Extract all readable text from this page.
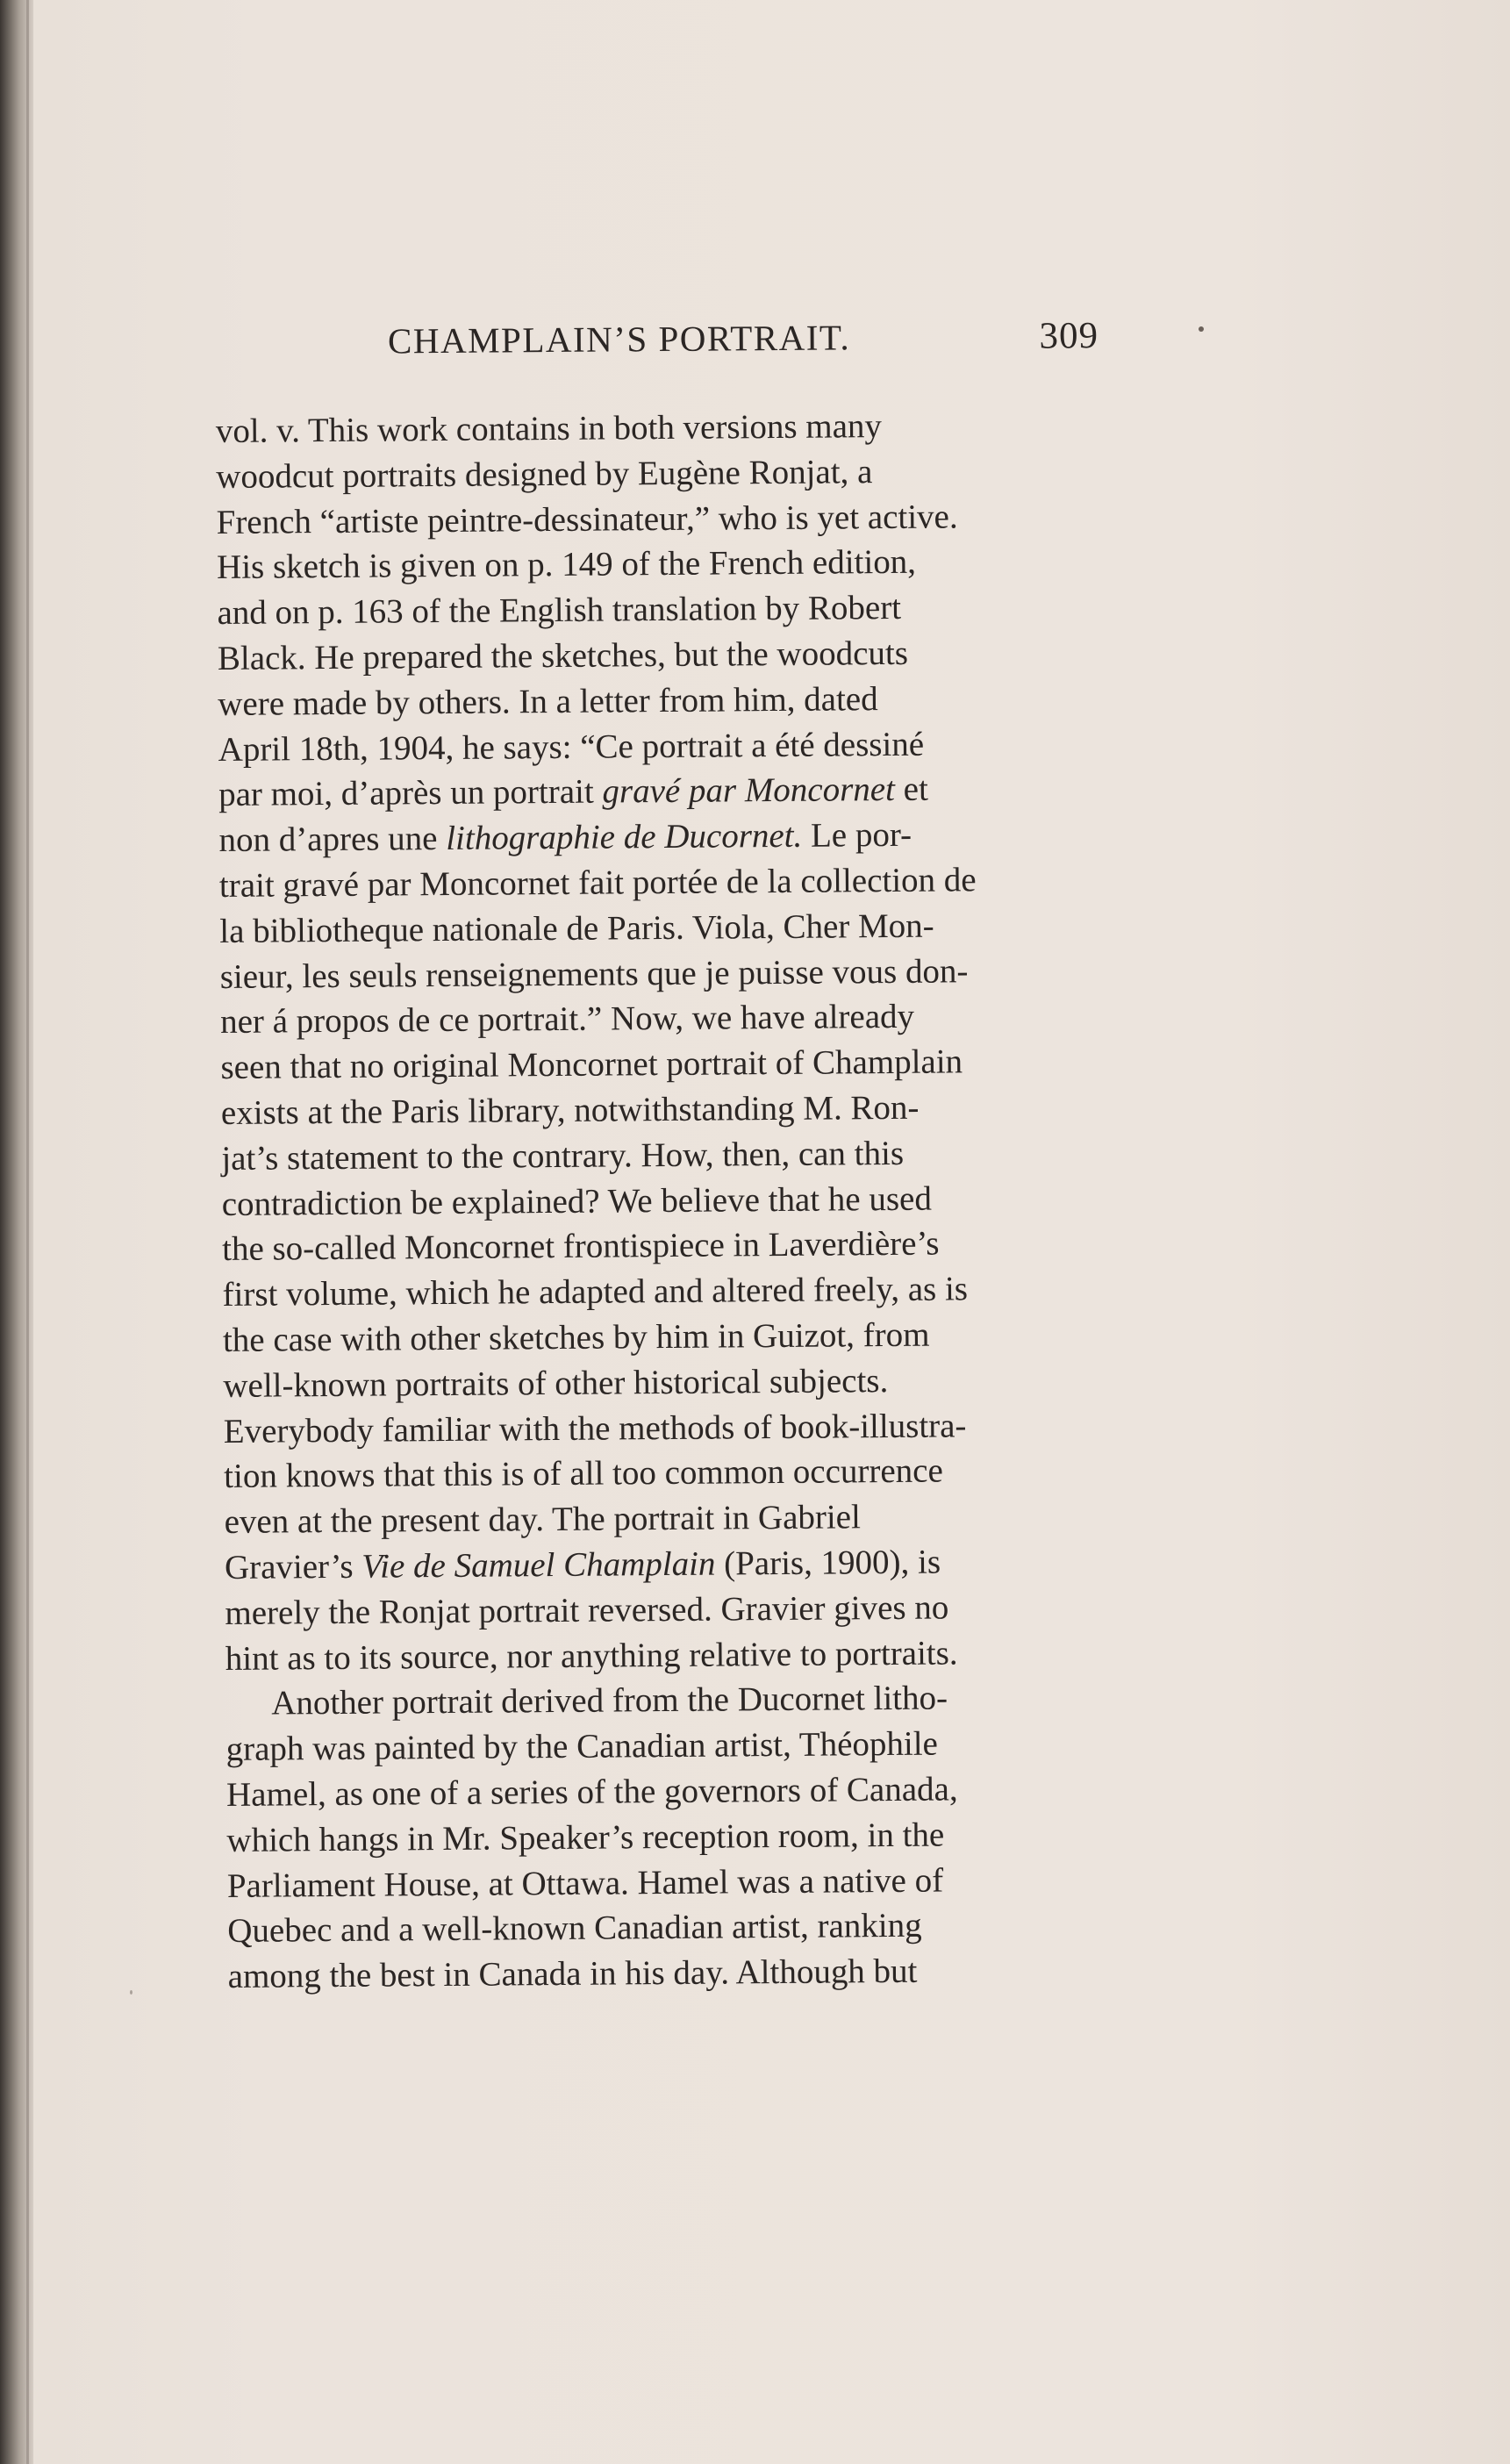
CHAMPLAIN’S PORTRAIT.	309
vol. v. This work contains in both versions many
woodcut portraits designed by Eugène Ronjat, a
French “artiste peintre-dessinateur,” who is yet active.
His sketch is given on p. 149 of the French edition,
and on p. 163 of the English translation by Robert
Black. He prepared the sketches, but the woodcuts
were made by others. In a letter from him, dated
April 18th, 1904, he says: “Ce portrait a été dessiné
par moi, d’après un portrait gravé par Moncornet et
non d’apres une lithographie de Ducornet. Le por-
trait gravé par Moncornet fait portée de la collection de
la bibliotheque nationale de Paris. Viola, Cher Mon-
sieur, les seuls renseignements que je puisse vous don-
ner á propos de ce portrait.” Now, we have already
seen that no original Moncornet portrait of Champlain
exists at the Paris library, notwithstanding M. Ron-
jat’s statement to the contrary. How, then, can this
contradiction be explained? We believe that he used
the so-called Moncornet frontispiece in Laverdière’s
first volume, which he adapted and altered freely, as is
the case with other sketches by him in Guizot, from
well-known portraits of other historical subjects.
Everybody familiar with the methods of book-illustra-
tion knows that this is of all too common occurrence
even at the present day. The portrait in Gabriel
Gravier’s Vie de Samuel Champlain (Paris, 1900), is
merely the Ronjat portrait reversed. Gravier gives no
hint as to its source, nor anything relative to portraits.
Another portrait derived from the Ducornet litho-
graph was painted by the Canadian artist, Théophile
Hamel, as one of a series of the governors of Canada,
which hangs in Mr. Speaker’s reception room, in the
Parliament House, at Ottawa. Hamel was a native of
Quebec and a well-known Canadian artist, ranking
among the best in Canada in his day. Although but
